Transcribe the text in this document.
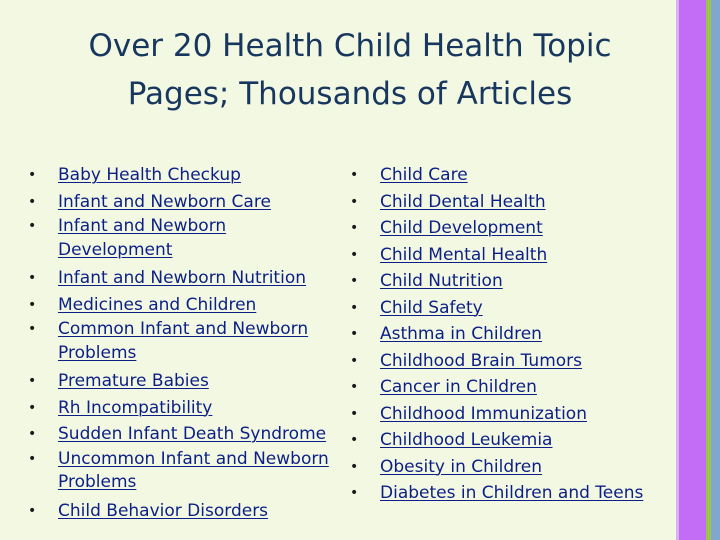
Over 20 Health Child Health Topic
Pages; Thousands of Articles
• Baby Health Checkup
• Infant and Newborn Care
• Infant and Newborn Development
• Infant and Newborn Nutrition
• Medicines and Children
• Common Infant and Newborn Problems
• Premature Babies
• Rh Incompatibility
• Sudden Infant Death Syndrome
• Uncommon Infant and Newborn Problems
• Child Behavior Disorders
• Child Care
• Child Dental Health
• Child Development
• Child Mental Health
• Child Nutrition
• Child Safety
• Asthma in Children
• Childhood Brain Tumors
• Cancer in Children
• Childhood Immunization
• Childhood Leukemia
• Obesity in Children
• Diabetes in Children and Teens
